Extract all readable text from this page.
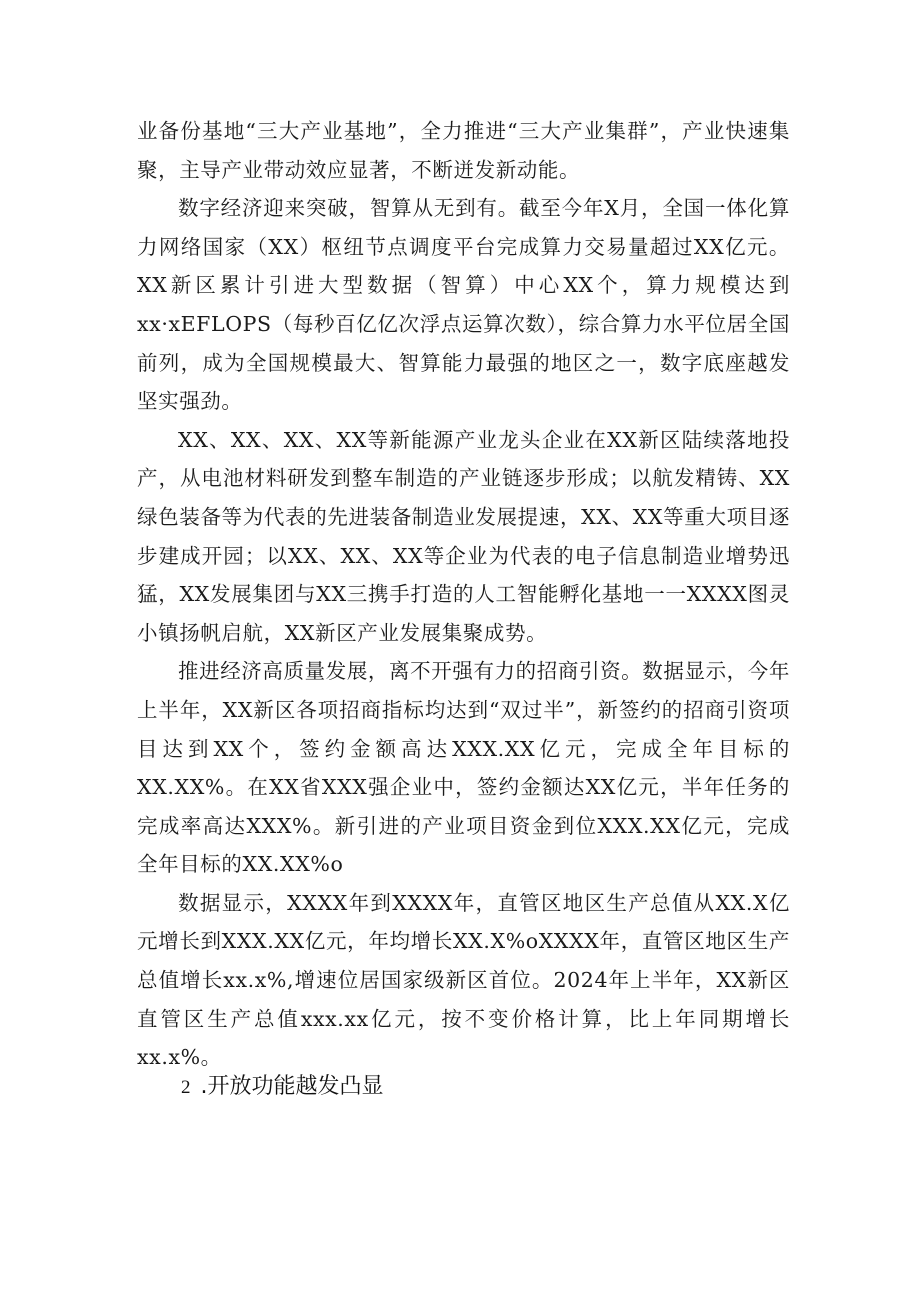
业备份基地“三大产业基地”，全力推进“三大产业集群”，产业快速集聚，主导产业带动效应显著，不断迸发新动能。

数字经济迎来突破，智算从无到有。截至今年X月，全国一体化算力网络国家（XX）枢纽节点调度平台完成算力交易量超过XX亿元。XX新区累计引进大型数据（智算）中心XX个，算力规模达到xx·xEFLOPS（每秒百亿亿次浮点运算次数），综合算力水平位居全国前列，成为全国规模最大、智算能力最强的地区之一，数字底座越发坚实强劲。

XX、XX、XX、XX等新能源产业龙头企业在XX新区陆续落地投产，从电池材料研发到整车制造的产业链逐步形成；以航发精铸、XX绿色装备等为代表的先进装备制造业发展提速，XX、XX等重大项目逐步建成开园；以XX、XX、XX等企业为代表的电子信息制造业增势迅猛，XX发展集团与XX三携手打造的人工智能孵化基地一一XXXX图灵小镇扬帆启航，XX新区产业发展集聚成势。

推进经济高质量发展，离不开强有力的招商引资。数据显示，今年上半年，XX新区各项招商指标均达到“双过半”，新签约的招商引资项目达到XX个，签约金额高达XXX.XX亿元，完成全年目标的XX.XX%。在XX省XXX强企业中，签约金额达XX亿元，半年任务的完成率高达XXX%。新引进的产业项目资金到位XXX.XX亿元，完成全年目标的XX.XX%o

数据显示，XXXX年到XXXX年，直管区地区生产总值从XX.X亿元增长到XXX.XX亿元，年均增长XX.X%oXXXX年，直管区地区生产总值增长xx.x%,增速位居国家级新区首位。2024年上半年，XX新区直管区生产总值xxx.xx亿元，按不变价格计算，比上年同期增长xx.x%。

2 .开放功能越发凸显
